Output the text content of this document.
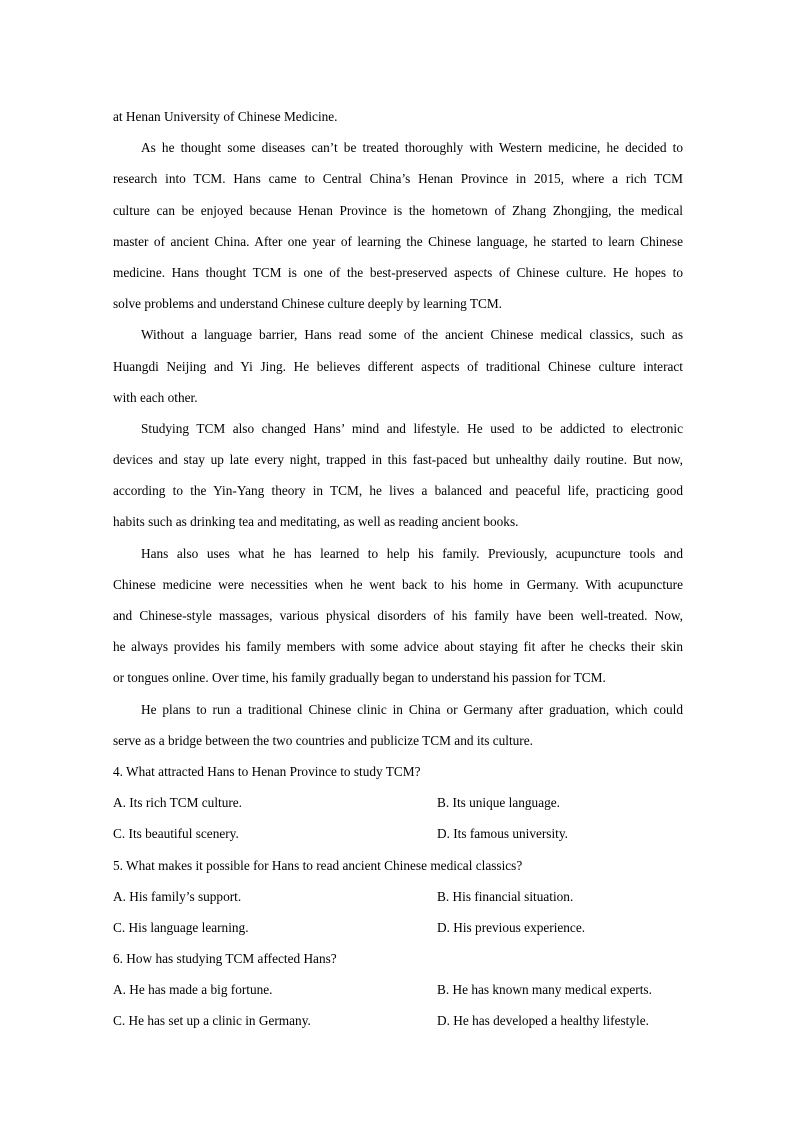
at Henan University of Chinese Medicine.
As he thought some diseases can’t be treated thoroughly with Western medicine, he decided to
research into TCM. Hans came to Central China’s Henan Province in 2015, where a rich TCM
culture can be enjoyed because Henan Province is the hometown of Zhang Zhongjing, the medical
master of ancient China. After one year of learning the Chinese language, he started to learn Chinese
medicine. Hans thought TCM is one of the best-preserved aspects of Chinese culture. He hopes to
solve problems and understand Chinese culture deeply by learning TCM.
Without a language barrier, Hans read some of the ancient Chinese medical classics, such as
Huangdi Neijing and Yi Jing. He believes different aspects of traditional Chinese culture interact
with each other.
Studying TCM also changed Hans’ mind and lifestyle. He used to be addicted to electronic
devices and stay up late every night, trapped in this fast-paced but unhealthy daily routine. But now,
according to the Yin-Yang theory in TCM, he lives a balanced and peaceful life, practicing good
habits such as drinking tea and meditating, as well as reading ancient books.
Hans also uses what he has learned to help his family. Previously, acupuncture tools and
Chinese medicine were necessities when he went back to his home in Germany. With acupuncture
and Chinese-style massages, various physical disorders of his family have been well-treated. Now,
he always provides his family members with some advice about staying fit after he checks their skin
or tongues online. Over time, his family gradually began to understand his passion for TCM.
He plans to run a traditional Chinese clinic in China or Germany after graduation, which could
serve as a bridge between the two countries and publicize TCM and its culture.
4. What attracted Hans to Henan Province to study TCM?
A. Its rich TCM culture.	B. Its unique language.
C. Its beautiful scenery.	D. Its famous university.
5. What makes it possible for Hans to read ancient Chinese medical classics?
A. His family’s support.	B. His financial situation.
C. His language learning.	D. His previous experience.
6. How has studying TCM affected Hans?
A. He has made a big fortune.	B. He has known many medical experts.
C. He has set up a clinic in Germany.	D. He has developed a healthy lifestyle.
